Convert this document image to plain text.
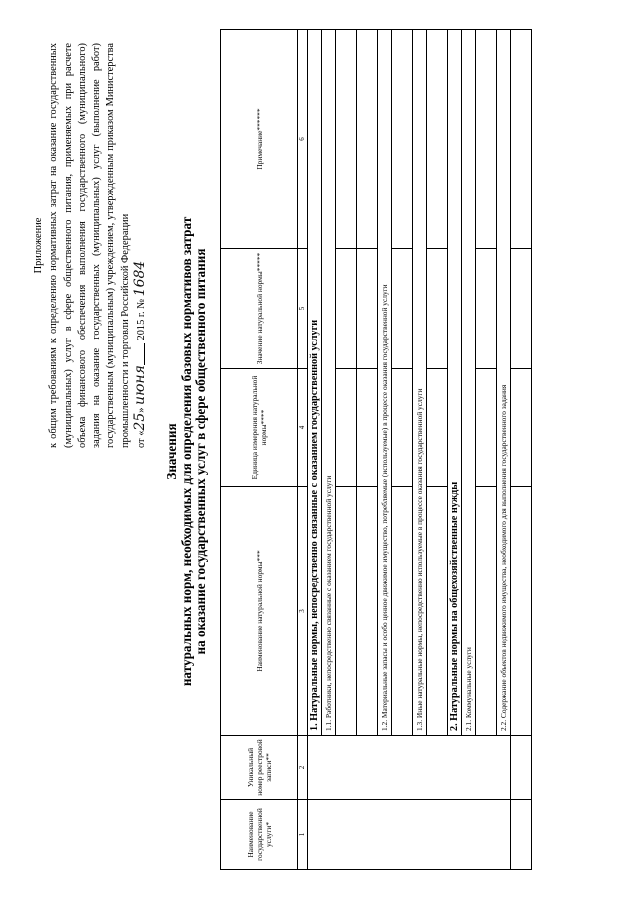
Приложение к общим требованиям к определению нормативных затрат на оказание государственных (муниципальных) услуг в сфере общественного питания, применяемых при расчете объема финансового обеспечения выполнения государственного (муниципального) задания на оказание государственных (муниципальных) услуг (выполнение работ) государственным (муниципальным) учреждением, утвержденным приказом Министерства промышленности и торговли Российской Федерации от «25» июня 2015 г. № 1684

Значения натуральных норм, необходимых для определения базовых нормативов затрат на оказание государственных услуг в сфере общественного питания
Наименование государственной услуги*	Уникальный номер реестровой записи**	Наименование натуральной нормы***	Единица измерения натуральной нормы****	Значение натуральной нормы*****	Примечание******
1	2	3	4	5	6
		1. Натуральные нормы, непосредственно связанные с оказанием государственной услуги			
		1.1. Работники, непосредственно связанные с оказанием государственной услуги			

		1.2. Материальные запасы и особо ценное движимое имущество, потребляемые (используемые) в процессе оказания государственной услуги			

		1.3. Иные натуральные нормы, непосредственно используемые в процессе оказания государственной услуги			

		2. Натуральные нормы на общехозяйственные нужды			
		2.1. Коммунальные услуги			

		2.2. Содержание объектов недвижимого имущества, необходимого для выполнения государственного задания			
